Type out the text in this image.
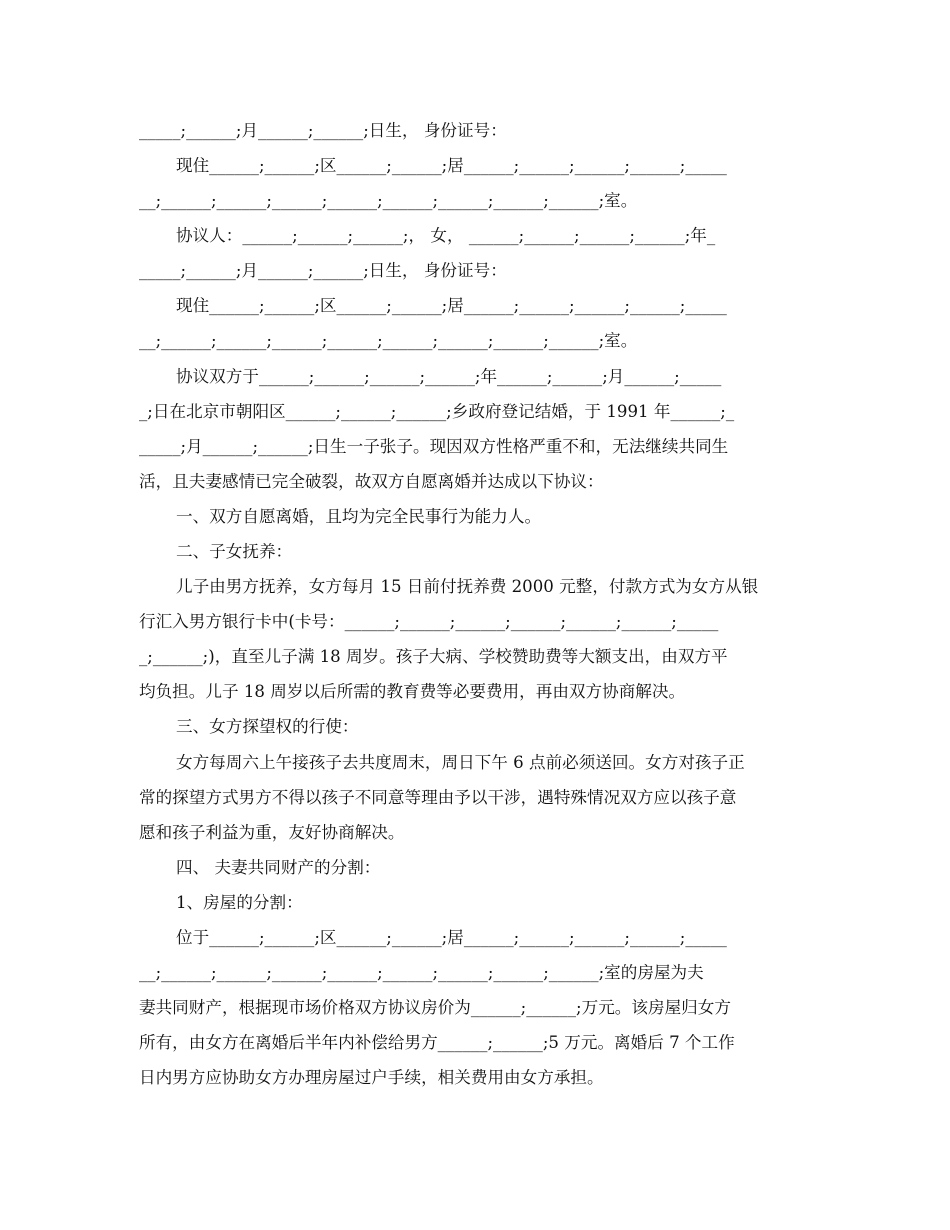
_____;______;月______;______;日生， 身份证号：
现住______;______;区______;______;居______;______;______;______;_____
__;______;______;______;______;______;______;______;______;室。
协议人：______;______;______;， 女， ______;______;______;______;年_
_____;______;月______;______;日生， 身份证号：
现住______;______;区______;______;居______;______;______;______;_____
__;______;______;______;______;______;______;______;______;室。
协议双方于______;______;______;______;年______;______;月______;_____
_;日在北京市朝阳区______;______;______;乡政府登记结婚，于 1991 年______;_
_____;月______;______;日生一子张子。现因双方性格严重不和，无法继续共同生
活，且夫妻感情已完全破裂，故双方自愿离婚并达成以下协议：
一、双方自愿离婚，且均为完全民事行为能力人。
二、子女抚养：
儿子由男方抚养，女方每月 15 日前付抚养费 2000 元整，付款方式为女方从银
行汇入男方银行卡中(卡号：______;______;______;______;______;______;_____
_;______;)，直至儿子满 18 周岁。孩子大病、学校赞助费等大额支出，由双方平
均负担。儿子 18 周岁以后所需的教育费等必要费用，再由双方协商解决。
三、女方探望权的行使：
女方每周六上午接孩子去共度周末，周日下午 6 点前必须送回。女方对孩子正
常的探望方式男方不得以孩子不同意等理由予以干涉，遇特殊情况双方应以孩子意
愿和孩子利益为重，友好协商解决。
四、 夫妻共同财产的分割：
1、房屋的分割：
位于______;______;区______;______;居______;______;______;______;_____
__;______;______;______;______;______;______;______;______;室的房屋为夫
妻共同财产，根据现市场价格双方协议房价为______;______;万元。该房屋归女方
所有，由女方在离婚后半年内补偿给男方______;______;5 万元。离婚后 7 个工作
日内男方应协助女方办理房屋过户手续，相关费用由女方承担。
